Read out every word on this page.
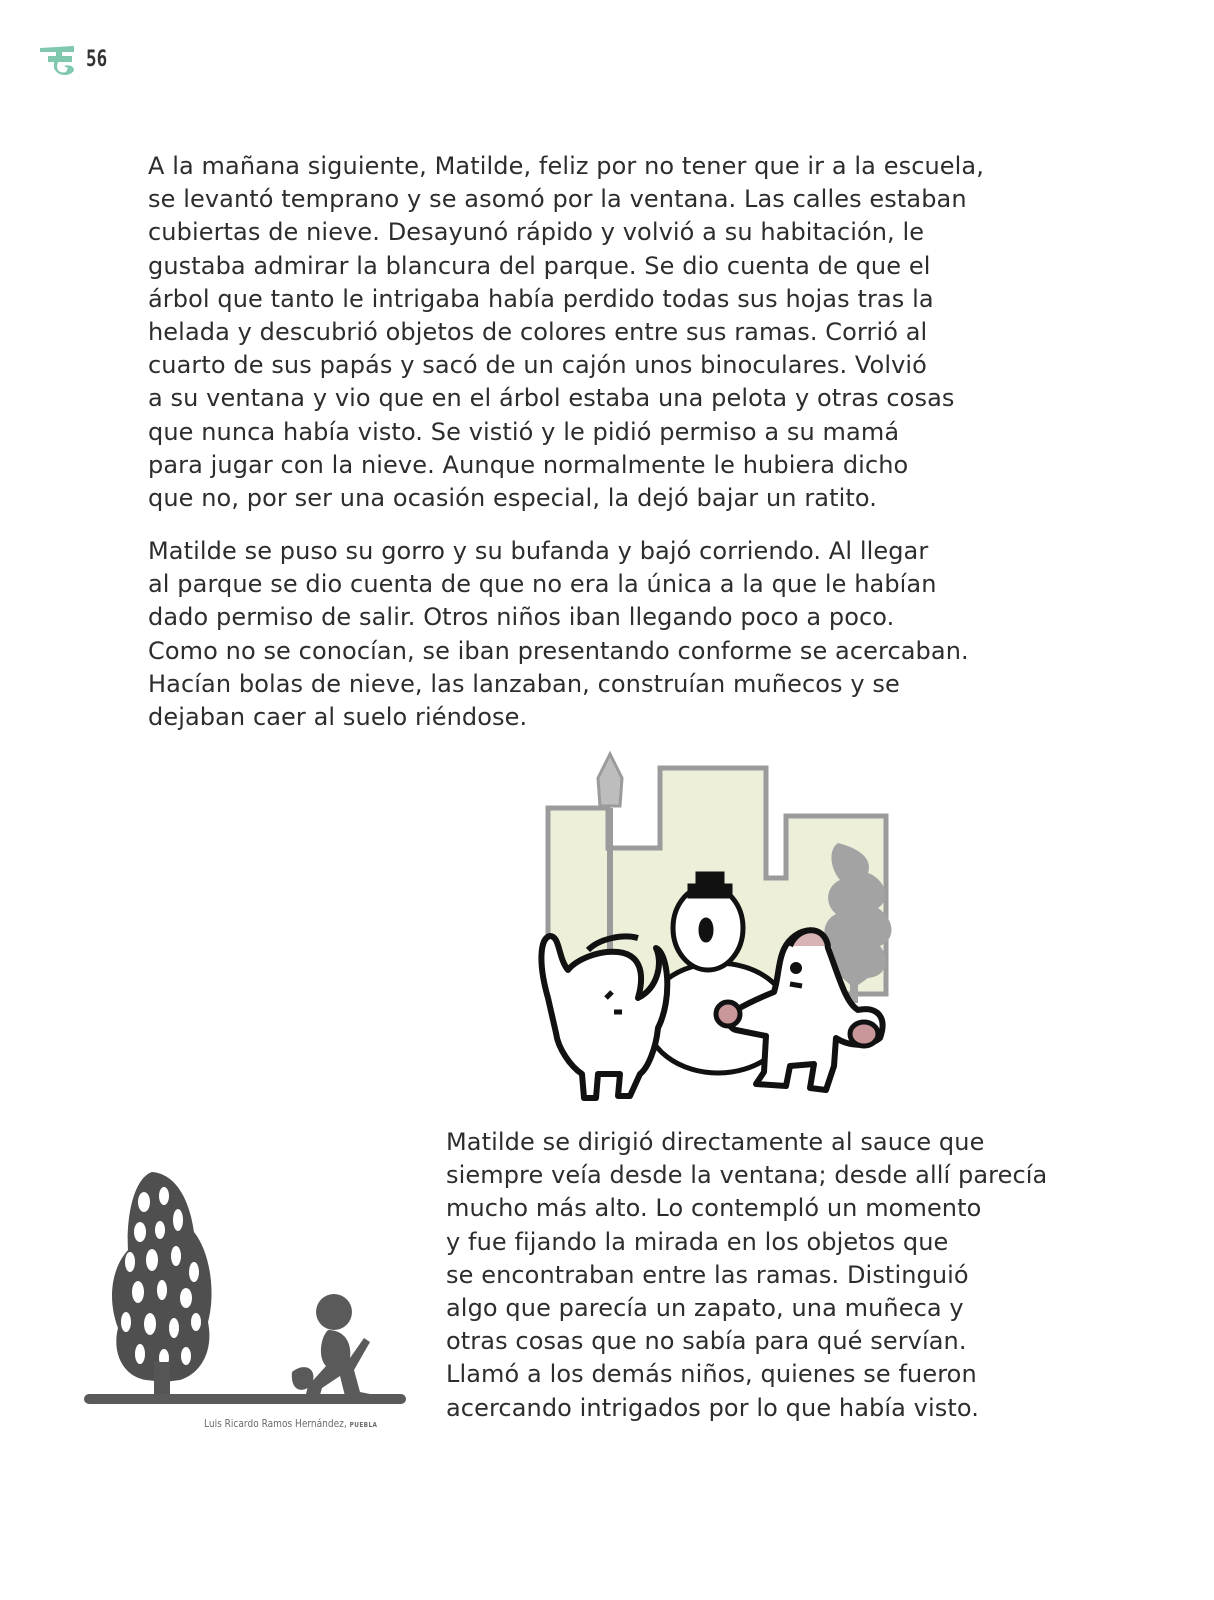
56

A la mañana siguiente, Matilde, feliz por no tener que ir a la escuela,
se levantó temprano y se asomó por la ventana. Las calles estaban
cubiertas de nieve. Desayunó rápido y volvió a su habitación, le
gustaba admirar la blancura del parque. Se dio cuenta de que el
árbol que tanto le intrigaba había perdido todas sus hojas tras la
helada y descubrió objetos de colores entre sus ramas. Corrió al
cuarto de sus papás y sacó de un cajón unos binoculares. Volvió
a su ventana y vio que en el árbol estaba una pelota y otras cosas
que nunca había visto. Se vistió y le pidió permiso a su mamá
para jugar con la nieve. Aunque normalmente le hubiera dicho
que no, por ser una ocasión especial, la dejó bajar un ratito.

Matilde se puso su gorro y su bufanda y bajó corriendo. Al llegar
al parque se dio cuenta de que no era la única a la que le habían
dado permiso de salir. Otros niños iban llegando poco a poco.
Como no se conocían, se iban presentando conforme se acercaban.
Hacían bolas de nieve, las lanzaban, construían muñecos y se
dejaban caer al suelo riéndose.

Matilde se dirigió directamente al sauce que
siempre veía desde la ventana; desde allí parecía
mucho más alto. Lo contempló un momento
y fue fijando la mirada en los objetos que
se encontraban entre las ramas. Distinguió
algo que parecía un zapato, una muñeca y
otras cosas que no sabía para qué servían.
Llamó a los demás niños, quienes se fueron
acercando intrigados por lo que había visto.

Luis Ricardo Ramos Hernández, PUEBLA
